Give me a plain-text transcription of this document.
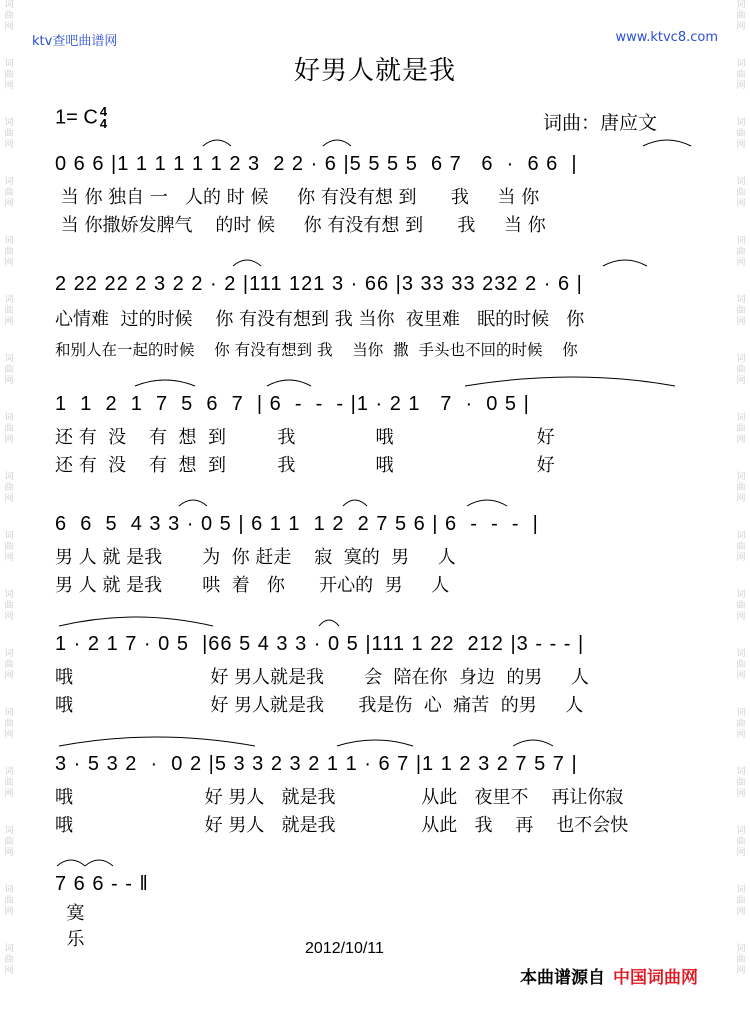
词
曲
网
词
曲
网
词
曲
网
词
曲
网
词
曲
网
词
曲
网
词
曲
网
词
曲
网
词
曲
网
词
曲
网
词
曲
网
词
曲
网
词
曲
网
词
曲
网
词
曲
网
词
曲
网
词
曲
网
词
曲
网
词
曲
网
词
曲
网
词
曲
网
词
曲
网
词
曲
网
词
曲
网
词
曲
网
词
曲
网
词
曲
网
词
曲
网
词
曲
网
词
曲
网
词
曲
网
词
曲
网
词
曲
网
词
曲
网
ktv查吧曲谱网	www.ktvc8.com
好男人就是我
1= C 4
4	词曲：唐应文
0 6 6 |1 1 1 1 1 1 2 3  2 2 · 6 |5 5 5 5  6 7   6  ·  6 6  |
当 你 独自 一   人的 时 候     你 有没有想 到      我     当 你
当 你撒娇发脾气    的时 候     你 有没有想 到      我     当 你
2 22 22 2 3 2 2 · 2 |111 121 3 · 66 |3 33 33 232 2 · 6 |
心情难  过的时候    你 有没有想到 我 当你  夜里难   眠的时候   你
和别人在一起的时候    你 有没有想到 我    当你  撒  手头也不回的时候    你
1  1  2  1  7  5  6  7  | 6  -  -  - |1 · 2 1   7  ·  0 5 |
还 有  没    有  想  到         我              哦                         好
还 有  没    有  想  到         我              哦                         好
6  6  5  4 3 3 · 0 5 | 6 1 1  1 2  2 7 5 6 | 6  -  -  -  |
男 人 就 是我       为  你 赶走    寂  寞的  男     人
男 人 就 是我       哄  着   你      开心的  男     人
1 · 2 1 7 · 0 5  |66 5 4 3 3 · 0 5 |111 1 22  212 |3 - - - |
哦                        好 男人就是我       会  陪在你  身边  的男     人
哦                        好 男人就是我      我是伤  心  痛苦  的男     人
3 · 5 3 2  ·  0 2 |5 3 3 2 3 2 1 1 · 6 7 |1 1 2 3 2 7 5 7 |
哦                       好 男人   就是我               从此   夜里不    再让你寂
哦                       好 男人   就是我               从此   我    再    也不会快
7 6 6 - - ‖
寞
乐	2012/10/11
本曲谱源自 中国词曲网
